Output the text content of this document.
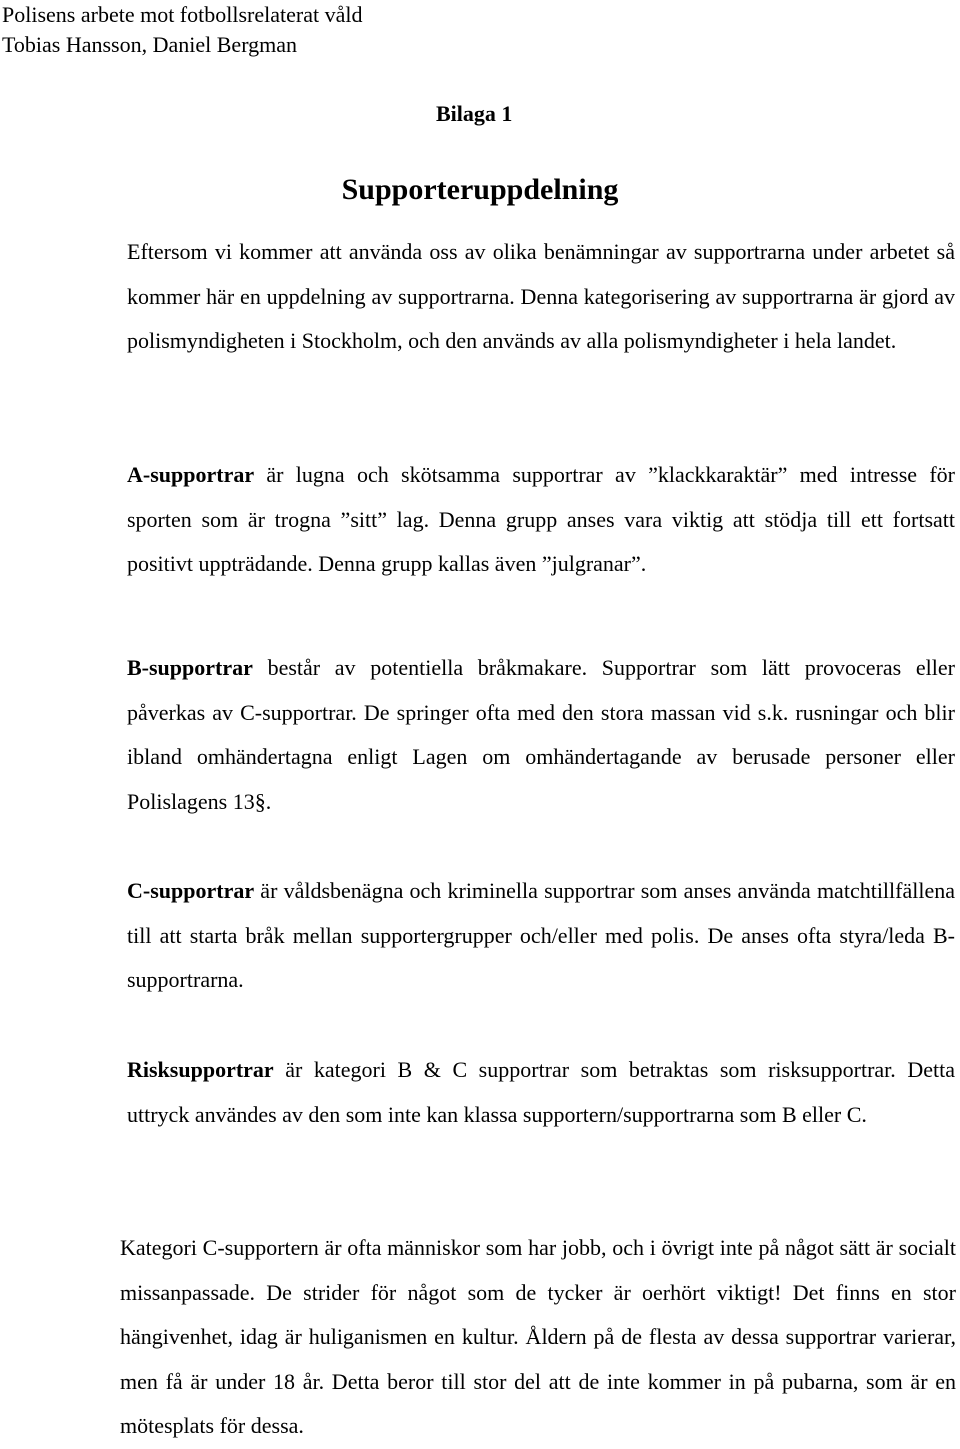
Polisens arbete mot fotbollsrelaterat våld
Tobias Hansson, Daniel Bergman
Bilaga 1
Supporteruppdelning

Eftersom vi kommer att använda oss av olika benämningar av supportrarna under arbetet så kommer här en uppdelning av supportrarna. Denna kategorisering av supportrarna är gjord av polismyndigheten i Stockholm, och den används av alla polismyndigheter i hela landet.

A-supportrar är lugna och skötsamma supportrar av ”klackkaraktär” med intresse för sporten som är trogna ”sitt” lag. Denna grupp anses vara viktig att stödja till ett fortsatt positivt uppträdande. Denna grupp kallas även ”julgranar”.

B-supportrar består av potentiella bråkmakare. Supportrar som lätt provoceras eller påverkas av C-supportrar. De springer ofta med den stora massan vid s.k. rusningar och blir ibland omhändertagna enligt Lagen om omhändertagande av berusade personer eller Polislagens 13§.

C-supportrar är våldsbenägna och kriminella supportrar som anses använda matchtillfällena till att starta bråk mellan supportergrupper och/eller med polis. De anses ofta styra/leda B-supportrarna.

Risksupportrar är kategori B & C supportrar som betraktas som risksupportrar. Detta uttryck användes av den som inte kan klassa supportern/supportrarna som B eller C.

Kategori C-supportern är ofta människor som har jobb, och i övrigt inte på något sätt är socialt missanpassade. De strider för något som de tycker är oerhört viktigt! Det finns en stor hängivenhet, idag är huliganismen en kultur. Åldern på de flesta av dessa supportrar varierar, men få är under 18 år. Detta beror till stor del att de inte kommer in på pubarna, som är en mötesplats för dessa.
